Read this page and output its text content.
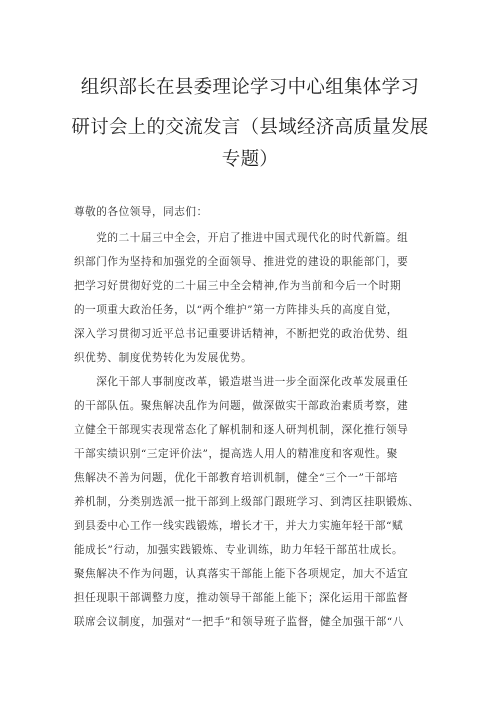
组织部长在县委理论学习中心组集体学习
研讨会上的交流发言（县域经济高质量发展
专题）
尊敬的各位领导，同志们：
　　党的二十届三中全会，开启了推进中国式现代化的时代新篇。组
织部门作为坚持和加强党的全面领导、推进党的建设的职能部门，要
把学习好贯彻好党的二十届三中全会精神,作为当前和今后一个时期
的一项重大政治任务，以“两个维护”第一方阵排头兵的高度自觉，
深入学习贯彻习近平总书记重要讲话精神，不断把党的政治优势、组
织优势、制度优势转化为发展优势。
　　深化干部人事制度改革，锻造堪当进一步全面深化改革发展重任
的干部队伍。聚焦解决乱作为问题，做深做实干部政治素质考察，建
立健全干部现实表现常态化了解机制和逐人研判机制，深化推行领导
干部实绩识别“三定评价法”，提高选人用人的精准度和客观性。聚
焦解决不善为问题，优化干部教育培训机制，健全“三个一”干部培
养机制，分类别选派一批干部到上级部门跟班学习、到湾区挂职锻炼、
到县委中心工作一线实践锻炼，增长才干，并大力实施年轻干部“赋
能成长”行动，加强实践锻炼、专业训练，助力年轻干部茁壮成长。
聚焦解决不作为问题，认真落实干部能上能下各项规定，加大不适宜
担任现职干部调整力度，推动领导干部能上能下；深化运用干部监督
联席会议制度，加强对“一把手”和领导班子监督，健全加强干部“八
